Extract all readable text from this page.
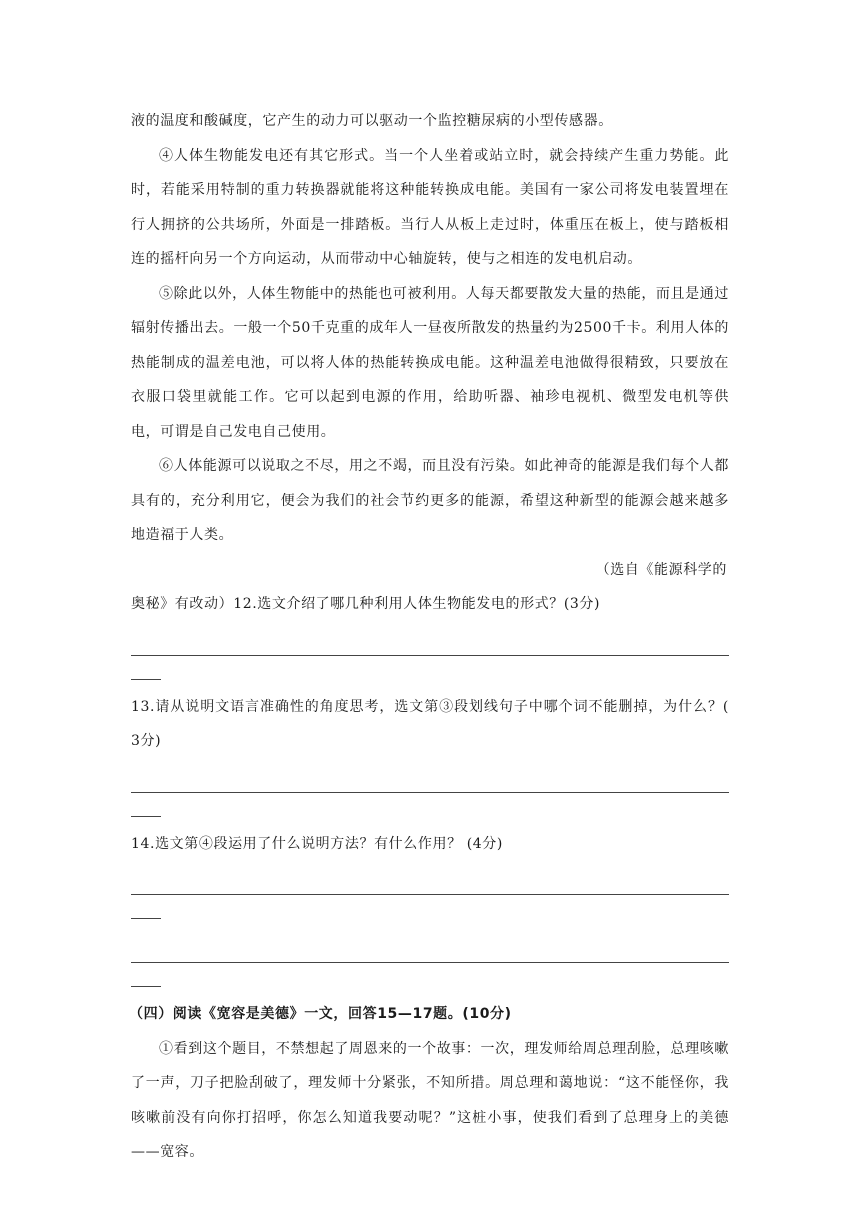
液的温度和酸碱度，它产生的动力可以驱动一个监控糖尿病的小型传感器。

④人体生物能发电还有其它形式。当一个人坐着或站立时，就会持续产生重力势能。此时，若能采用特制的重力转换器就能将这种能转换成电能。美国有一家公司将发电装置埋在行人拥挤的公共场所，外面是一排踏板。当行人从板上走过时，体重压在板上，使与踏板相连的摇杆向另一个方向运动，从而带动中心轴旋转，使与之相连的发电机启动。

⑤除此以外，人体生物能中的热能也可被利用。人每天都要散发大量的热能，而且是通过辐射传播出去。一般一个50千克重的成年人一昼夜所散发的热量约为2500千卡。利用人体的热能制成的温差电池，可以将人体的热能转换成电能。这种温差电池做得很精致，只要放在衣服口袋里就能工作。它可以起到电源的作用，给助听器、袖珍电视机、微型发电机等供电，可谓是自己发电自己使用。

⑥人体能源可以说取之不尽，用之不竭，而且没有污染。如此神奇的能源是我们每个人都具有的，充分利用它，便会为我们的社会节约更多的能源，希望这种新型的能源会越来越多地造福于人类。

（选自《能源科学的

奥秘》有改动）12.选文介绍了哪几种利用人体生物能发电的形式？(3分)

13.请从说明文语言准确性的角度思考，选文第③段划线句子中哪个词不能删掉，为什么？( 3分)

14.选文第④段运用了什么说明方法？有什么作用？ (4分)

（四）阅读《宽容是美德》一文，回答15—17题。(10分)

①看到这个题目，不禁想起了周恩来的一个故事：一次，理发师给周总理刮脸，总理咳嗽了一声，刀子把脸刮破了，理发师十分紧张，不知所措。周总理和蔼地说：“这不能怪你，我咳嗽前没有向你打招呼，你怎么知道我要动呢？”这桩小事，使我们看到了总理身上的美德——宽容。
